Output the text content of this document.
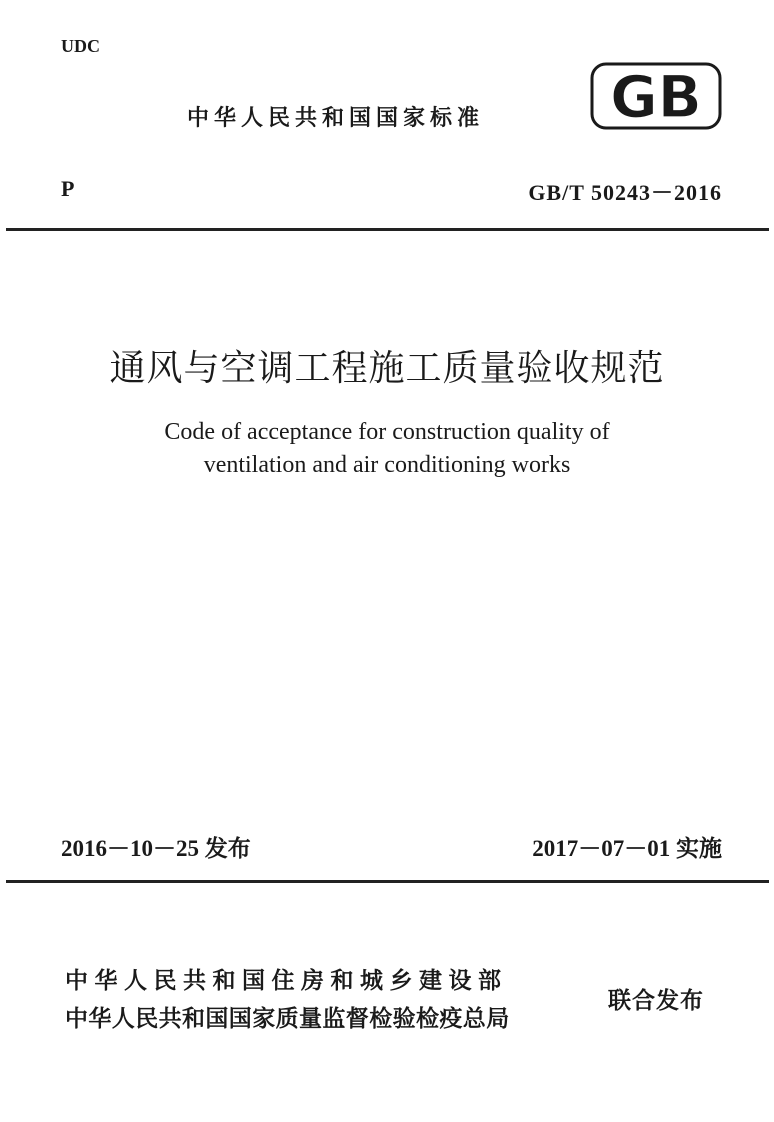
UDC
中华人民共和国国家标准 GB
P	GB/T 50243－2016
通风与空调工程施工质量验收规范
Code of acceptance for construction quality of
ventilation and air conditioning works
2016－10－25 发布	2017－07－01 实施
中华人民共和国住房和城乡建设部
中华人民共和国国家质量监督检验检疫总局
联合发布
